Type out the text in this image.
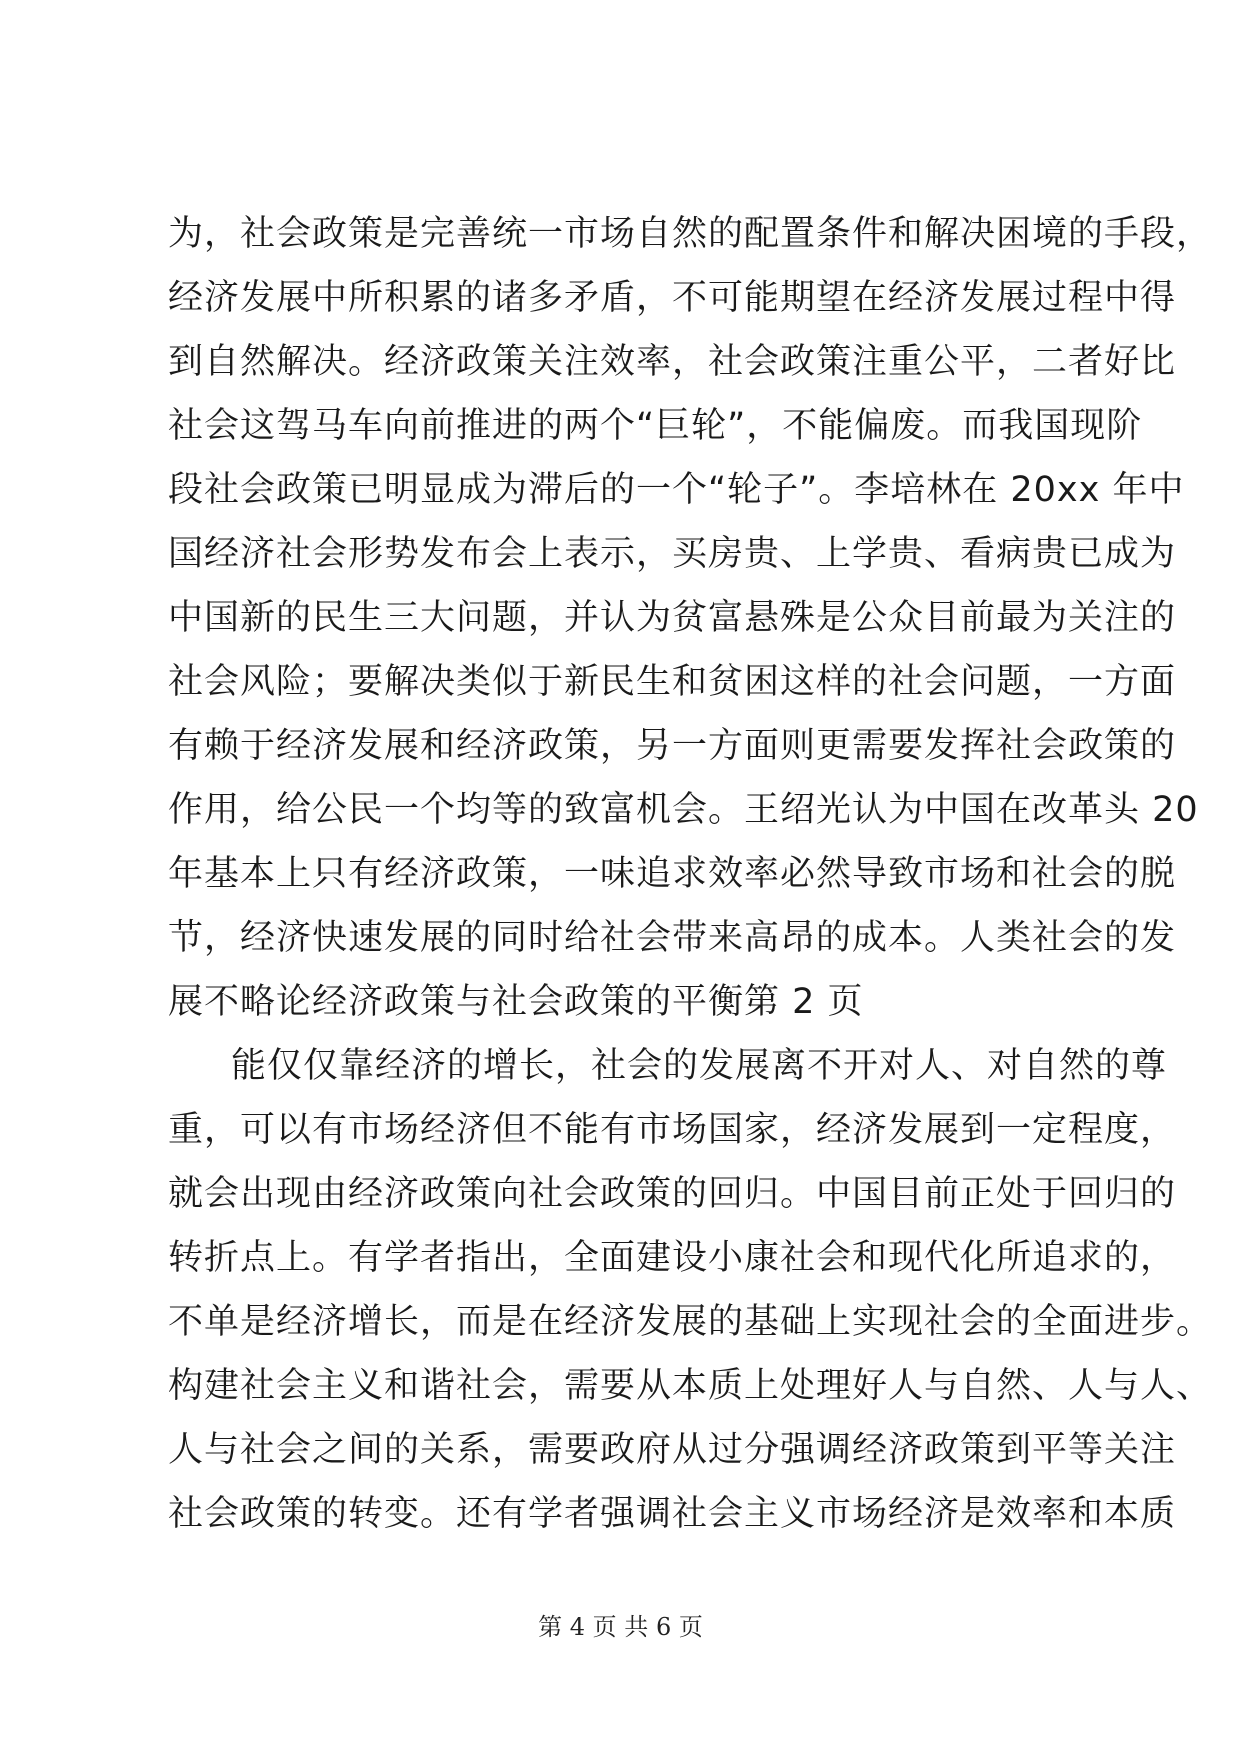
为，社会政策是完善统一市场自然的配置条件和解决困境的手段，
经济发展中所积累的诸多矛盾，不可能期望在经济发展过程中得
到自然解决。经济政策关注效率，社会政策注重公平，二者好比
社会这驾马车向前推进的两个“巨轮”，不能偏废。而我国现阶
段社会政策已明显成为滞后的一个“轮子”。李培林在 20xx 年中
国经济社会形势发布会上表示，买房贵、上学贵、看病贵已成为
中国新的民生三大问题，并认为贫富悬殊是公众目前最为关注的
社会风险；要解决类似于新民生和贫困这样的社会问题，一方面
有赖于经济发展和经济政策，另一方面则更需要发挥社会政策的
作用，给公民一个均等的致富机会。王绍光认为中国在改革头 20
年基本上只有经济政策，一味追求效率必然导致市场和社会的脱
节，经济快速发展的同时给社会带来高昂的成本。人类社会的发
展不略论经济政策与社会政策的平衡第 2 页
能仅仅靠经济的增长，社会的发展离不开对人、对自然的尊
重，可以有市场经济但不能有市场国家，经济发展到一定程度，
就会出现由经济政策向社会政策的回归。中国目前正处于回归的
转折点上。有学者指出，全面建设小康社会和现代化所追求的，
不单是经济增长，而是在经济发展的基础上实现社会的全面进步。
构建社会主义和谐社会，需要从本质上处理好人与自然、人与人、
人与社会之间的关系，需要政府从过分强调经济政策到平等关注
社会政策的转变。还有学者强调社会主义市场经济是效率和本质
第 4 页 共 6 页
